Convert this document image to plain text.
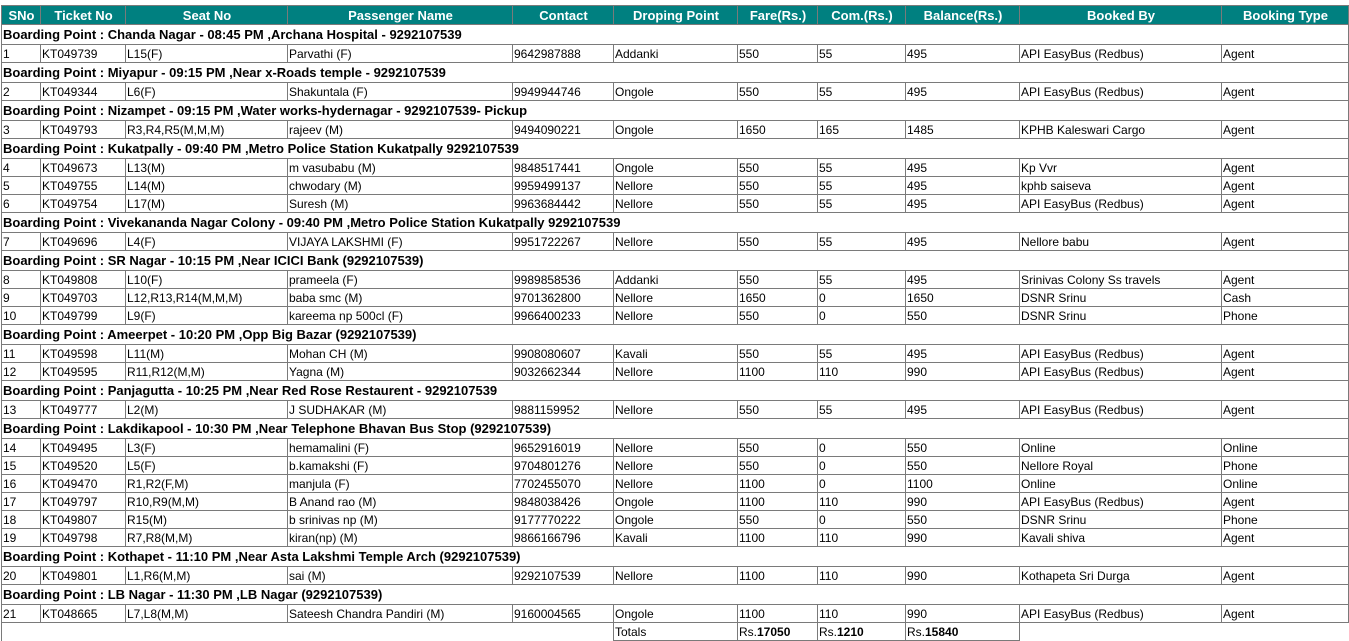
SNo	Ticket No	Seat No	Passenger Name	Contact	Droping Point	Fare(Rs.)	Com.(Rs.)	Balance(Rs.)	Booked By	Booking Type
Boarding Point : Chanda Nagar - 08:45 PM ,Archana Hospital - 9292107539										
1	KT049739	L15(F)	Parvathi (F)	9642987888	Addanki	550	55	495	API EasyBus (Redbus)	Agent
Boarding Point : Miyapur - 09:15 PM ,Near x-Roads temple - 9292107539										
2	KT049344	L6(F)	Shakuntala (F)	9949944746	Ongole	550	55	495	API EasyBus (Redbus)	Agent
Boarding Point : Nizampet - 09:15 PM ,Water works-hydernagar - 9292107539- Pickup										
3	KT049793	R3,R4,R5(M,M,M)	rajeev (M)	9494090221	Ongole	1650	165	1485	KPHB Kaleswari Cargo	Agent
Boarding Point : Kukatpally - 09:40 PM ,Metro Police Station Kukatpally 9292107539										
4	KT049673	L13(M)	m vasubabu (M)	9848517441	Ongole	550	55	495	Kp Vvr	Agent
5	KT049755	L14(M)	chwodary (M)	9959499137	Nellore	550	55	495	kphb saiseva	Agent
6	KT049754	L17(M)	Suresh (M)	9963684442	Nellore	550	55	495	API EasyBus (Redbus)	Agent
Boarding Point : Vivekananda Nagar Colony - 09:40 PM ,Metro Police Station Kukatpally 9292107539										
7	KT049696	L4(F)	VIJAYA LAKSHMI (F)	9951722267	Nellore	550	55	495	Nellore babu	Agent
Boarding Point : SR Nagar - 10:15 PM ,Near ICICI Bank (9292107539)										
8	KT049808	L10(F)	prameela (F)	9989858536	Addanki	550	55	495	Srinivas Colony Ss travels	Agent
9	KT049703	L12,R13,R14(M,M,M)	baba smc (M)	9701362800	Nellore	1650	0	1650	DSNR Srinu	Cash
10	KT049799	L9(F)	kareema np 500cl (F)	9966400233	Nellore	550	0	550	DSNR Srinu	Phone
Boarding Point : Ameerpet - 10:20 PM ,Opp Big Bazar (9292107539)										
11	KT049598	L11(M)	Mohan CH (M)	9908080607	Kavali	550	55	495	API EasyBus (Redbus)	Agent
12	KT049595	R11,R12(M,M)	Yagna (M)	9032662344	Nellore	1100	110	990	API EasyBus (Redbus)	Agent
Boarding Point : Panjagutta - 10:25 PM ,Near Red Rose Restaurent - 9292107539										
13	KT049777	L2(M)	J SUDHAKAR (M)	9881159952	Nellore	550	55	495	API EasyBus (Redbus)	Agent
Boarding Point : Lakdikapool - 10:30 PM ,Near Telephone Bhavan Bus Stop (9292107539)										
14	KT049495	L3(F)	hemamalini (F)	9652916019	Nellore	550	0	550	Online	Online
15	KT049520	L5(F)	b.kamakshi (F)	9704801276	Nellore	550	0	550	Nellore Royal	Phone
16	KT049470	R1,R2(F,M)	manjula (F)	7702455070	Nellore	1100	0	1100	Online	Online
17	KT049797	R10,R9(M,M)	B Anand rao (M)	9848038426	Ongole	1100	110	990	API EasyBus (Redbus)	Agent
18	KT049807	R15(M)	b srinivas np (M)	9177770222	Ongole	550	0	550	DSNR Srinu	Phone
19	KT049798	R7,R8(M,M)	kiran(np) (M)	9866166796	Kavali	1100	110	990	Kavali shiva	Agent
Boarding Point : Kothapet - 11:10 PM ,Near Asta Lakshmi Temple Arch (9292107539)										
20	KT049801	L1,R6(M,M)	sai (M)	9292107539	Nellore	1100	110	990	Kothapeta Sri Durga	Agent
Boarding Point : LB Nagar - 11:30 PM ,LB Nagar (9292107539)										
21	KT048665	L7,L8(M,M)	Sateesh Chandra Pandiri (M)	9160004565	Ongole	1100	110	990	API EasyBus (Redbus)	Agent
					Totals	Rs.17050	Rs.1210	Rs.15840		
